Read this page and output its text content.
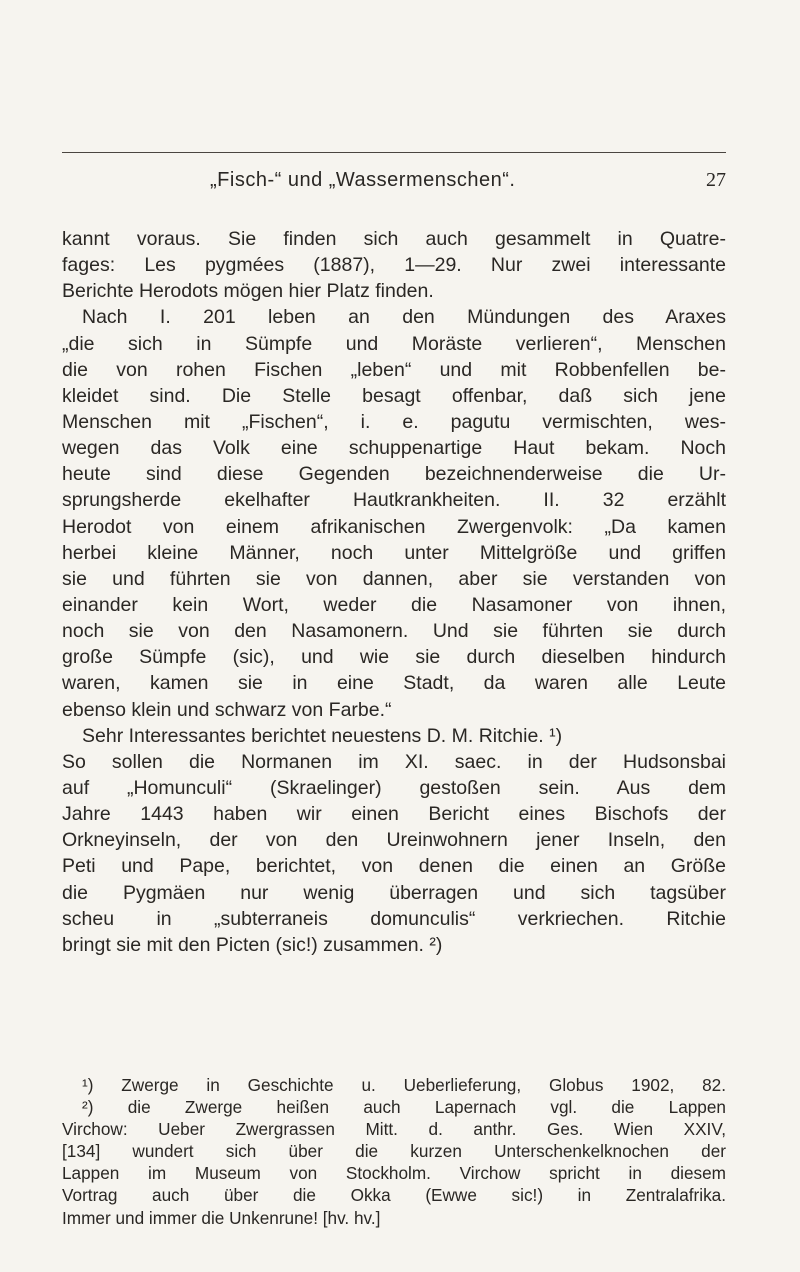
„Fisch-“ und „Wassermenschen“.	27
kannt voraus. Sie finden sich auch gesammelt in Quatre-
fages: Les pygmées (1887), 1—29. Nur zwei interessante
Berichte Herodots mögen hier Platz finden.
Nach I. 201 leben an den Mündungen des Araxes
„die sich in Sümpfe und Moräste verlieren“, Menschen
die von rohen Fischen „leben“ und mit Robbenfellen be-
kleidet sind. Die Stelle besagt offenbar, daß sich jene
Menschen mit „Fischen“, i. e. pagutu vermischten, wes-
wegen das Volk eine schuppenartige Haut bekam. Noch
heute sind diese Gegenden bezeichnenderweise die Ur-
sprungsherde ekelhafter Hautkrankheiten. II. 32 erzählt
Herodot von einem afrikanischen Zwergenvolk: „Da kamen
herbei kleine Männer, noch unter Mittelgröße und griffen
sie und führten sie von dannen, aber sie verstanden von
einander kein Wort, weder die Nasamoner von ihnen,
noch sie von den Nasamonern. Und sie führten sie durch
große Sümpfe (sic), und wie sie durch dieselben hindurch
waren, kamen sie in eine Stadt, da waren alle Leute
ebenso klein und schwarz von Farbe.“
Sehr Interessantes berichtet neuestens D. M. Ritchie. ¹)
So sollen die Normanen im XI. saec. in der Hudsonsbai
auf „Homunculi“ (Skraelinger) gestoßen sein. Aus dem
Jahre 1443 haben wir einen Bericht eines Bischofs der
Orkneyinseln, der von den Ureinwohnern jener Inseln, den
Peti und Pape, berichtet, von denen die einen an Größe
die Pygmäen nur wenig überragen und sich tagsüber
scheu in „subterraneis domunculis“ verkriechen. Ritchie
bringt sie mit den Picten (sic!) zusammen. ²)
¹) Zwerge in Geschichte u. Ueberlieferung, Globus 1902, 82.
²) die Zwerge heißen auch Lapernach vgl. die Lappen
Virchow: Ueber Zwergrassen Mitt. d. anthr. Ges. Wien XXIV,
[134] wundert sich über die kurzen Unterschenkelknochen der
Lappen im Museum von Stockholm. Virchow spricht in diesem
Vortrag auch über die Okka (Ewwe sic!) in Zentralafrika.
Immer und immer die Unkenrune! [hv. hv.]
